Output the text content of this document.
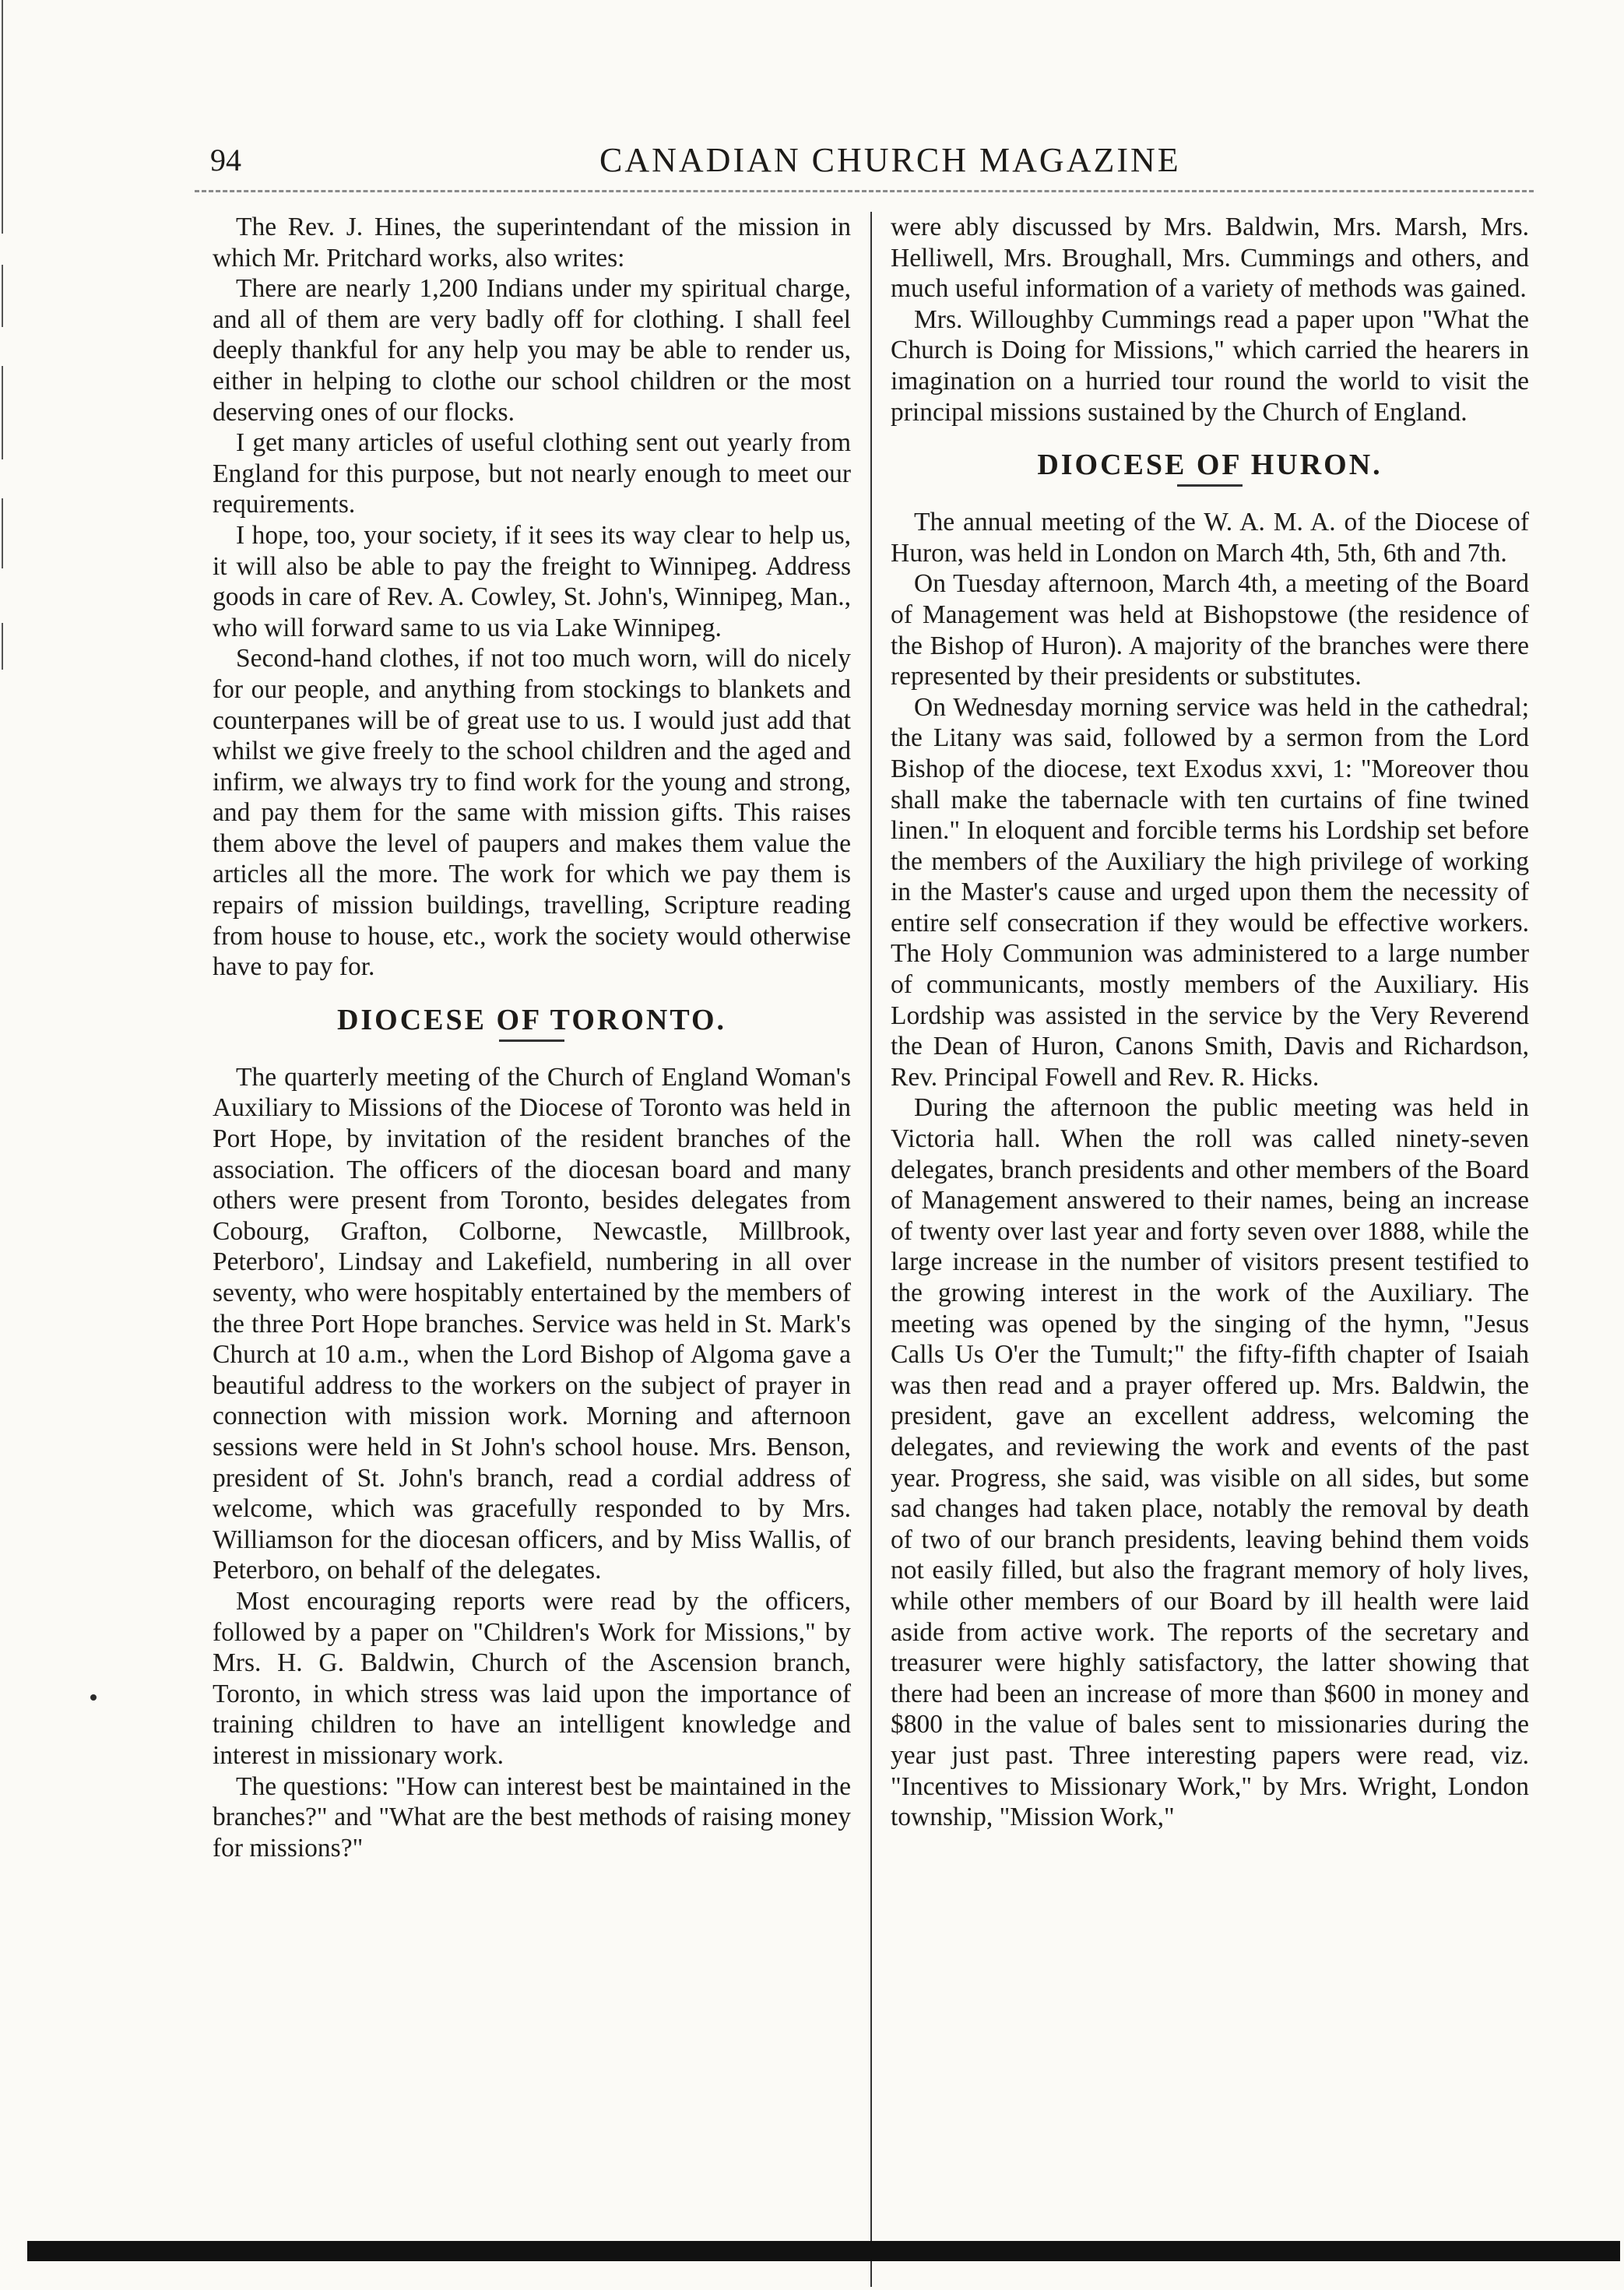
94	CANADIAN CHURCH MAGAZINE

The Rev. J. Hines, the superintendant of the mission in which Mr. Pritchard works, also writes:

There are nearly 1,200 Indians under my spiritual charge, and all of them are very badly off for clothing. I shall feel deeply thankful for any help you may be able to render us, either in helping to clothe our school children or the most deserving ones of our flocks.

I get many articles of useful clothing sent out yearly from England for this purpose, but not nearly enough to meet our requirements.

I hope, too, your society, if it sees its way clear to help us, it will also be able to pay the freight to Winnipeg. Address goods in care of Rev. A. Cowley, St. John's, Winnipeg, Man., who will forward same to us via Lake Winnipeg.

Second-hand clothes, if not too much worn, will do nicely for our people, and anything from stockings to blankets and counterpanes will be of great use to us. I would just add that whilst we give freely to the school children and the aged and infirm, we always try to find work for the young and strong, and pay them for the same with mission gifts. This raises them above the level of paupers and makes them value the articles all the more. The work for which we pay them is repairs of mission buildings, travelling, Scripture reading from house to house, etc., work the society would otherwise have to pay for.

DIOCESE OF TORONTO.

The quarterly meeting of the Church of England Woman's Auxiliary to Missions of the Diocese of Toronto was held in Port Hope, by invitation of the resident branches of the association. The officers of the diocesan board and many others were present from Toronto, besides delegates from Cobourg, Grafton, Colborne, Newcastle, Millbrook, Peterboro', Lindsay and Lakefield, numbering in all over seventy, who were hospitably entertained by the members of the three Port Hope branches. Service was held in St. Mark's Church at 10 a.m., when the Lord Bishop of Algoma gave a beautiful address to the workers on the subject of prayer in connection with mission work. Morning and afternoon sessions were held in St John's school house. Mrs. Benson, president of St. John's branch, read a cordial address of welcome, which was gracefully responded to by Mrs. Williamson for the diocesan officers, and by Miss Wallis, of Peterboro, on behalf of the delegates.

Most encouraging reports were read by the officers, followed by a paper on "Children's Work for Missions," by Mrs. H. G. Baldwin, Church of the Ascension branch, Toronto, in which stress was laid upon the importance of training children to have an intelligent knowledge and interest in missionary work.

The questions: "How can interest best be maintained in the branches?" and "What are the best methods of raising money for missions?"

were ably discussed by Mrs. Baldwin, Mrs. Marsh, Mrs. Helliwell, Mrs. Broughall, Mrs. Cummings and others, and much useful information of a variety of methods was gained.

Mrs. Willoughby Cummings read a paper upon "What the Church is Doing for Missions," which carried the hearers in imagination on a hurried tour round the world to visit the principal missions sustained by the Church of England.

DIOCESE OF HURON.

The annual meeting of the W. A. M. A. of the Diocese of Huron, was held in London on March 4th, 5th, 6th and 7th.

On Tuesday afternoon, March 4th, a meeting of the Board of Management was held at Bishopstowe (the residence of the Bishop of Huron). A majority of the branches were there represented by their presidents or substitutes.

On Wednesday morning service was held in the cathedral; the Litany was said, followed by a sermon from the Lord Bishop of the diocese, text Exodus xxvi, 1: "Moreover thou shall make the tabernacle with ten curtains of fine twined linen." In eloquent and forcible terms his Lordship set before the members of the Auxiliary the high privilege of working in the Master's cause and urged upon them the necessity of entire self consecration if they would be effective workers. The Holy Communion was administered to a large number of communicants, mostly members of the Auxiliary. His Lordship was assisted in the service by the Very Reverend the Dean of Huron, Canons Smith, Davis and Richardson, Rev. Principal Fowell and Rev. R. Hicks.

During the afternoon the public meeting was held in Victoria hall. When the roll was called ninety-seven delegates, branch presidents and other members of the Board of Management answered to their names, being an increase of twenty over last year and forty seven over 1888, while the large increase in the number of visitors present testified to the growing interest in the work of the Auxiliary. The meeting was opened by the singing of the hymn, "Jesus Calls Us O'er the Tumult;" the fifty-fifth chapter of Isaiah was then read and a prayer offered up. Mrs. Baldwin, the president, gave an excellent address, welcoming the delegates, and reviewing the work and events of the past year. Progress, she said, was visible on all sides, but some sad changes had taken place, notably the removal by death of two of our branch presidents, leaving behind them voids not easily filled, but also the fragrant memory of holy lives, while other members of our Board by ill health were laid aside from active work. The reports of the secretary and treasurer were highly satisfactory, the latter showing that there had been an increase of more than $600 in money and $800 in the value of bales sent to missionaries during the year just past. Three interesting papers were read, viz. "Incentives to Missionary Work," by Mrs. Wright, London township, "Mission Work,"
